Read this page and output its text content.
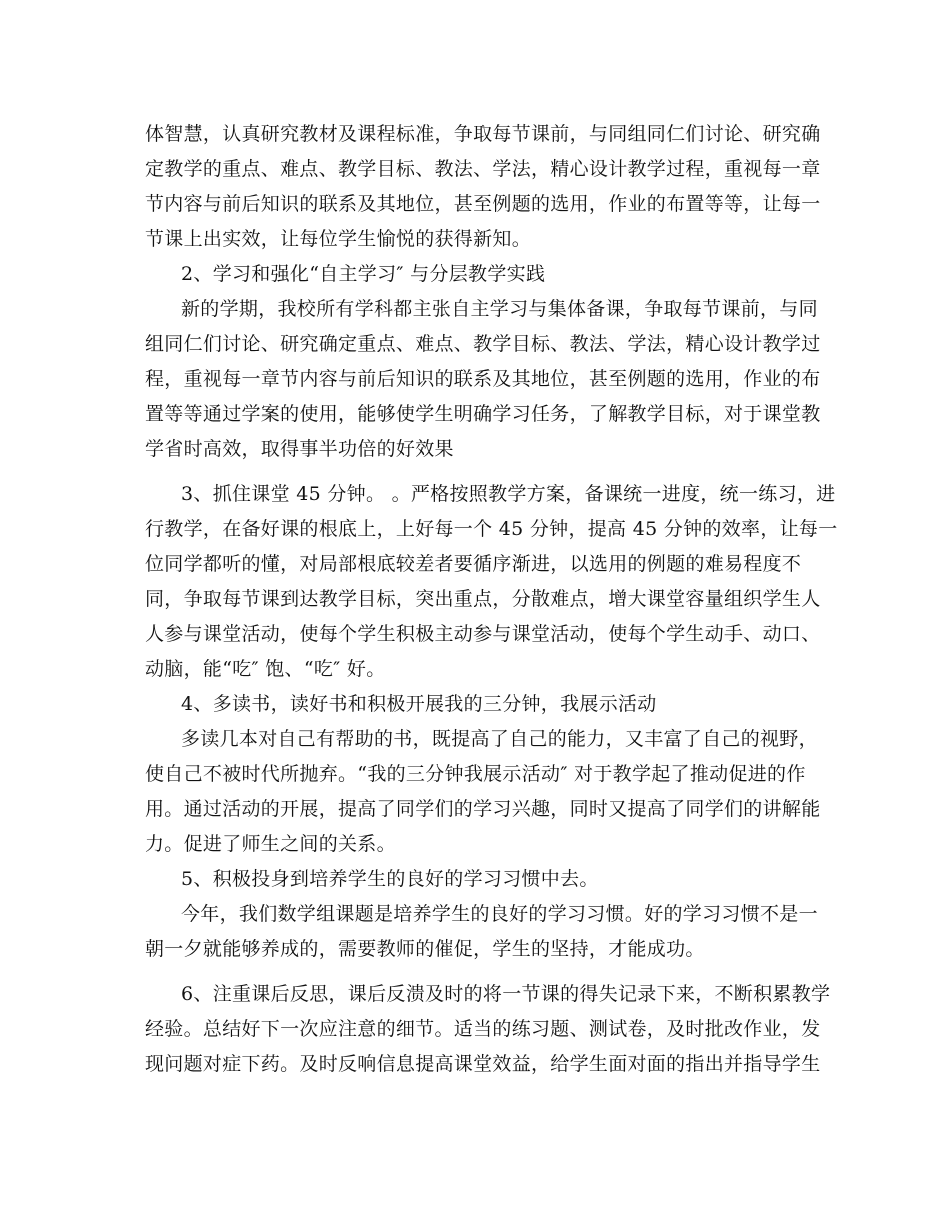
体智慧，认真研究教材及课程标准，争取每节课前，与同组同仁们讨论、研究确
定教学的重点、难点、教学目标、教法、学法，精心设计教学过程，重视每一章
节内容与前后知识的联系及其地位，甚至例题的选用，作业的布置等等，让每一
节课上出实效，让每位学生愉悦的获得新知。
2、学习和强化“自主学习″ 与分层教学实践
新的学期，我校所有学科都主张自主学习与集体备课，争取每节课前，与同
组同仁们讨论、研究确定重点、难点、教学目标、教法、学法，精心设计教学过
程，重视每一章节内容与前后知识的联系及其地位，甚至例题的选用，作业的布
置等等通过学案的使用，能够使学生明确学习任务，了解教学目标，对于课堂教
学省时高效，取得事半功倍的好效果
3、抓住课堂 45 分钟。 。严格按照教学方案，备课统一进度，统一练习，进
行教学，在备好课的根底上，上好每一个 45 分钟，提高 45 分钟的效率，让每一
位同学都听的懂，对局部根底较差者要循序渐进，以选用的例题的难易程度不
同，争取每节课到达教学目标，突出重点，分散难点，增大课堂容量组织学生人
人参与课堂活动，使每个学生积极主动参与课堂活动，使每个学生动手、动口、
动脑，能“吃″ 饱、“吃″ 好。
4、多读书，读好书和积极开展我的三分钟，我展示活动
多读几本对自己有帮助的书，既提高了自己的能力，又丰富了自己的视野，
使自己不被时代所抛弃。“我的三分钟我展示活动″ 对于教学起了推动促进的作
用。通过活动的开展，提高了同学们的学习兴趣，同时又提高了同学们的讲解能
力。促进了师生之间的关系。
5、积极投身到培养学生的良好的学习习惯中去。
今年，我们数学组课题是培养学生的良好的学习习惯。好的学习习惯不是一
朝一夕就能够养成的，需要教师的催促，学生的坚持，才能成功。
6、注重课后反思，课后反溃及时的将一节课的得失记录下来，不断积累教学
经验。总结好下一次应注意的细节。适当的练习题、测试卷，及时批改作业，发
现问题对症下药。及时反响信息提高课堂效益，给学生面对面的指出并指导学生
